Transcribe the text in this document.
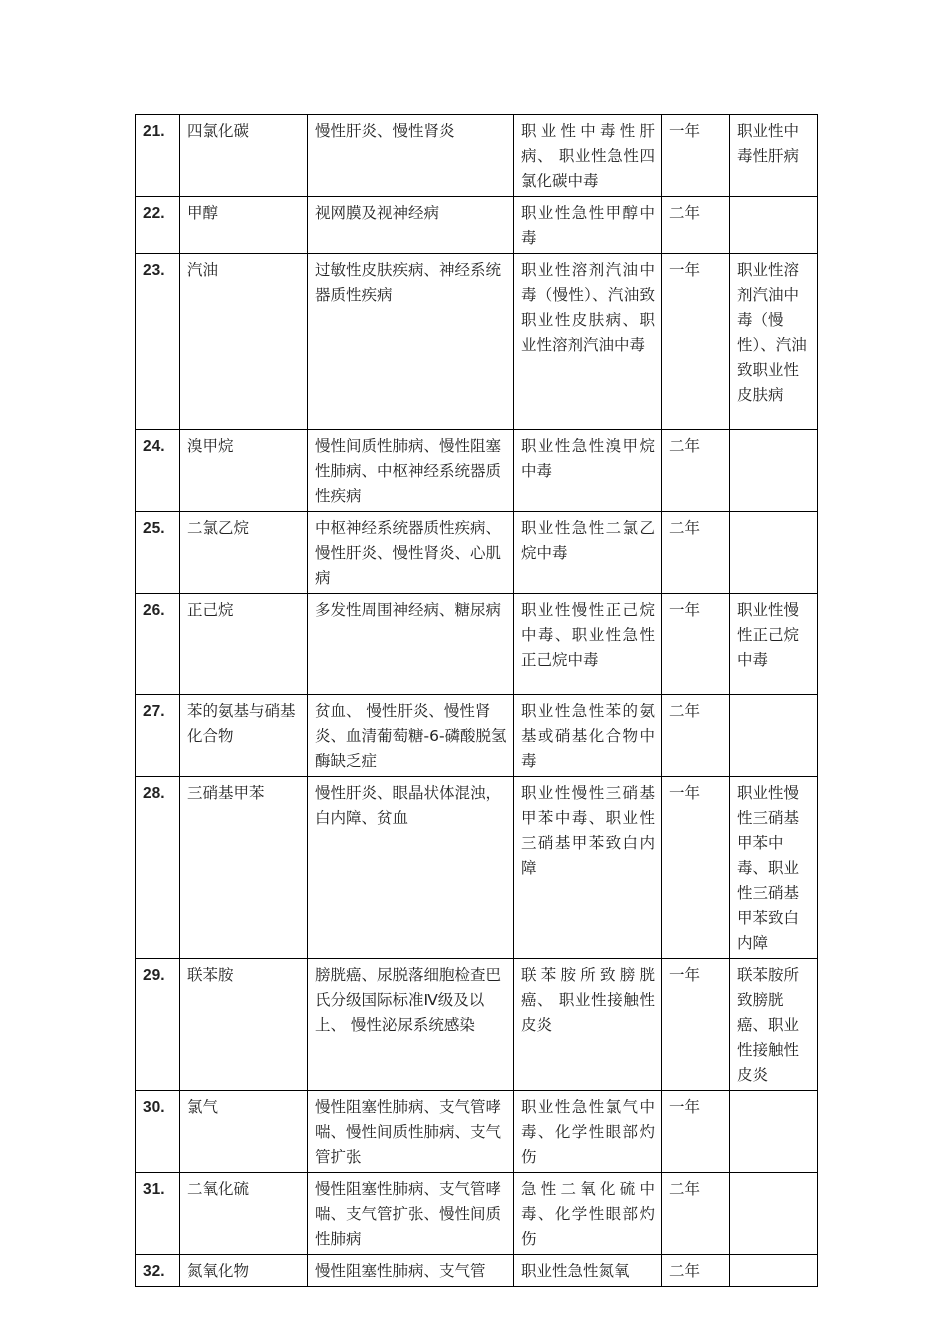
21.	四氯化碳	慢性肝炎、慢性肾炎	职业性中毒性肝病、 职业性急性四氯化碳中毒	一年	职业性中毒性肝病
22.	甲醇	视网膜及视神经病	职业性急性甲醇中毒	二年	
23.	汽油	过敏性皮肤疾病、神经系统器质性疾病	职业性溶剂汽油中毒（慢性）、汽油致职业性皮肤病、职业性溶剂汽油中毒	一年	职业性溶剂汽油中毒（慢性）、汽油致职业性皮肤病
24.	溴甲烷	慢性间质性肺病、慢性阻塞性肺病、中枢神经系统器质性疾病	职业性急性溴甲烷中毒	二年	
25.	二氯乙烷	中枢神经系统器质性疾病、慢性肝炎、慢性肾炎、心肌病	职业性急性二氯乙烷中毒	二年	
26.	正己烷	多发性周围神经病、糖尿病	职业性慢性正己烷中毒、职业性急性正己烷中毒	一年	职业性慢性正己烷中毒
27.	苯的氨基与硝基化合物	贫血、 慢性肝炎、慢性肾炎、血清葡萄糖-6-磷酸脱氢酶缺乏症	职业性急性苯的氨基或硝基化合物中毒	二年	
28.	三硝基甲苯	慢性肝炎、眼晶状体混浊，白内障、贫血	职业性慢性三硝基甲苯中毒、职业性三硝基甲苯致白内障	一年	职业性慢性三硝基甲苯中毒、职业性三硝基甲苯致白内障
29.	联苯胺	膀胱癌、尿脱落细胞检查巴氏分级国际标准Ⅳ级及以上、 慢性泌尿系统感染	联苯胺所致膀胱癌、 职业性接触性皮炎	一年	联苯胺所致膀胱癌、职业性接触性皮炎
30.	氯气	慢性阻塞性肺病、支气管哮喘、慢性间质性肺病、支气管扩张	职业性急性氯气中毒、化学性眼部灼伤	一年	
31.	二氧化硫	慢性阻塞性肺病、支气管哮喘、支气管扩张、慢性间质性肺病	急性二氧化硫中毒、化学性眼部灼伤	二年	
32.	氮氧化物	慢性阻塞性肺病、支气管	职业性急性氮氧	二年	
